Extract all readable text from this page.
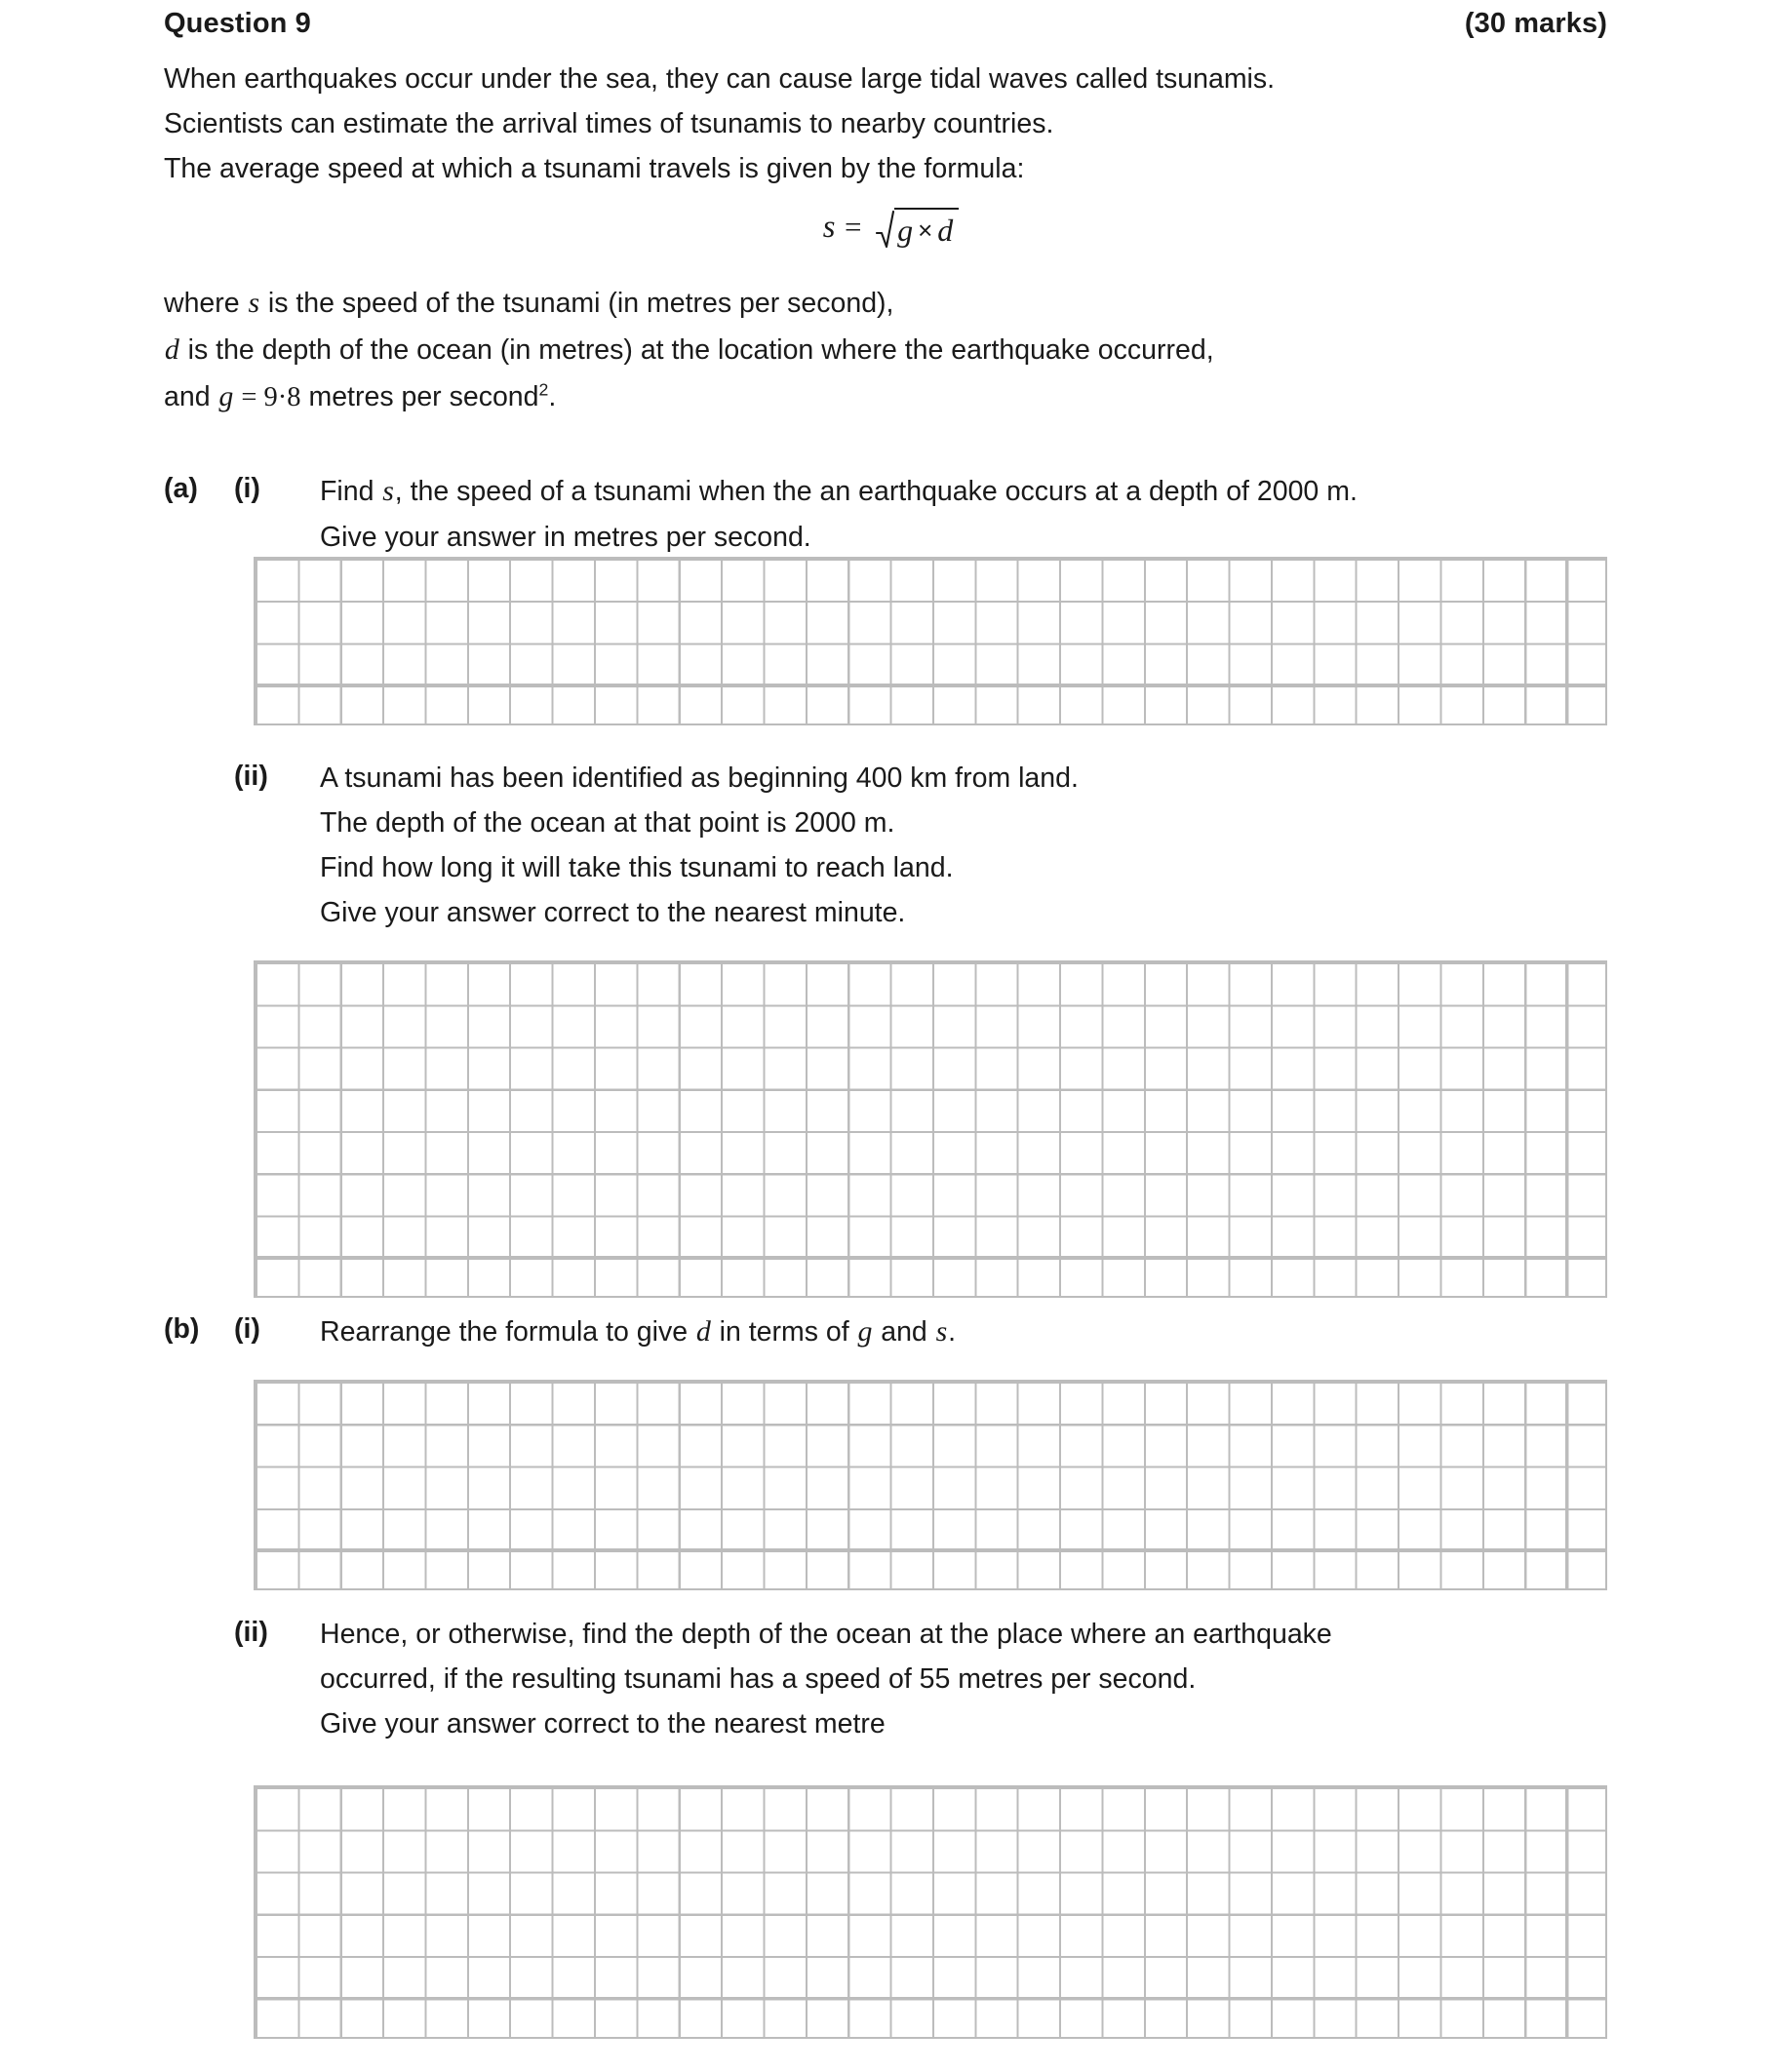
Question 9	(30 marks)

When earthquakes occur under the sea, they can cause large tidal waves called tsunamis.

Scientists can estimate the arrival times of tsunamis to nearby countries.

The average speed at which a tsunami travels is given by the formula:

s = g × d

where s is the speed of the tsunami (in metres per second),

d is the depth of the ocean (in metres) at the location where the earthquake occurred,

and g = 9·8 metres per second$^2$.

(a)	(i)	Find s, the speed of a tsunami when the an earthquake occurs at a depth of 2000 m.

Give your answer in metres per second.

(ii)	A tsunami has been identified as beginning 400 km from land.

The depth of the ocean at that point is 2000 m.

Find how long it will take this tsunami to reach land.

Give your answer correct to the nearest minute.

(b)	(i)	Rearrange the formula to give d in terms of g and s.

(ii)	Hence, or otherwise, find the depth of the ocean at the place where an earthquake

occurred, if the resulting tsunami has a speed of 55 metres per second.

Give your answer correct to the nearest metre
